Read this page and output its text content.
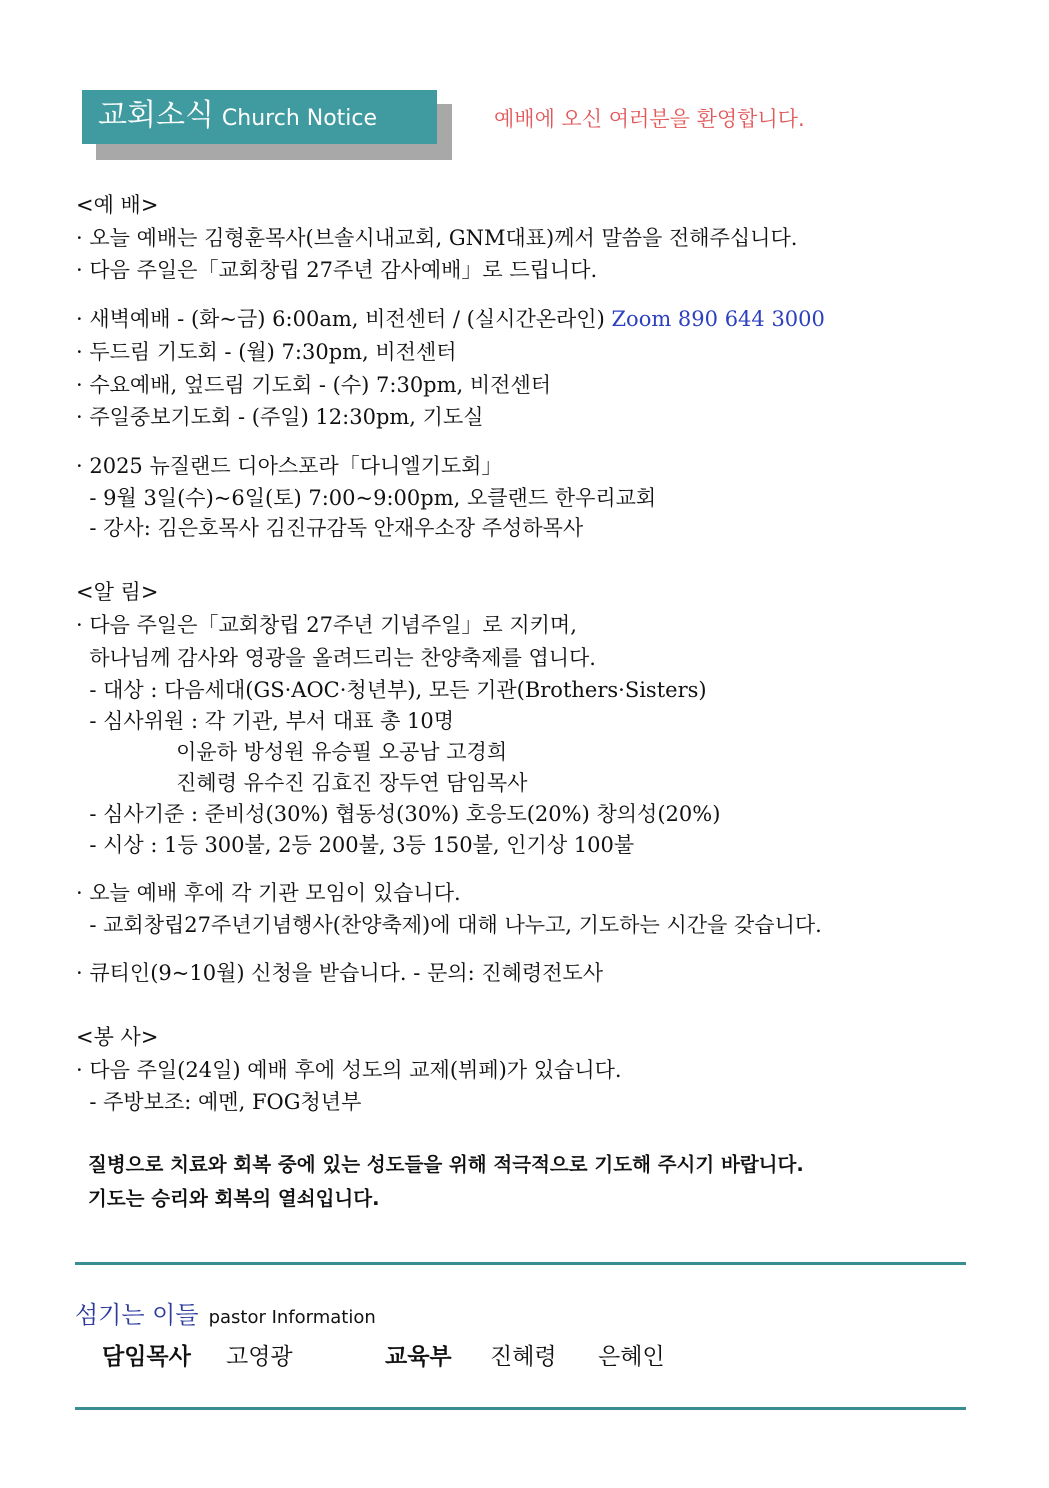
교회소식 Church Notice	예배에 오신 여러분을 환영합니다.
<예 배>
· 오늘 예배는 김형훈목사(브솔시내교회, GNM대표)께서 말씀을 전해주십니다.
· 다음 주일은「교회창립 27주년 감사예배」로 드립니다.
· 새벽예배 - (화~금) 6:00am, 비전센터 / (실시간온라인) Zoom 890 644 3000
· 두드림 기도회 - (월) 7:30pm, 비전센터
· 수요예배, 엎드림 기도회 - (수) 7:30pm, 비전센터
· 주일중보기도회 - (주일) 12:30pm, 기도실
· 2025 뉴질랜드 디아스포라「다니엘기도회」
- 9월 3일(수)~6일(토) 7:00~9:00pm, 오클랜드 한우리교회
- 강사: 김은호목사 김진규감독 안재우소장 주성하목사
<알 림>
· 다음 주일은「교회창립 27주년 기념주일」로 지키며,
하나님께 감사와 영광을 올려드리는 찬양축제를 엽니다.
- 대상 : 다음세대(GS·AOC·청년부), 모든 기관(Brothers·Sisters)
- 심사위원 : 각 기관, 부서 대표 총 10명
이윤하 방성원 유승필 오공남 고경희
진혜령 유수진 김효진 장두연 담임목사
- 심사기준 : 준비성(30%) 협동성(30%) 호응도(20%) 창의성(20%)
- 시상 : 1등 300불, 2등 200불, 3등 150불, 인기상 100불
· 오늘 예배 후에 각 기관 모임이 있습니다.
- 교회창립27주년기념행사(찬양축제)에 대해 나누고, 기도하는 시간을 갖습니다.
· 큐티인(9~10월) 신청을 받습니다. - 문의: 진혜령전도사
<봉 사>
· 다음 주일(24일) 예배 후에 성도의 교제(뷔페)가 있습니다.
- 주방보조: 예멘, FOG청년부
질병으로 치료와 회복 중에 있는 성도들을 위해 적극적으로 기도해 주시기 바랍니다.
기도는 승리와 회복의 열쇠입니다.
섬기는 이들 pastor Information
담임목사 고영광	교육부 진혜령 은혜인
